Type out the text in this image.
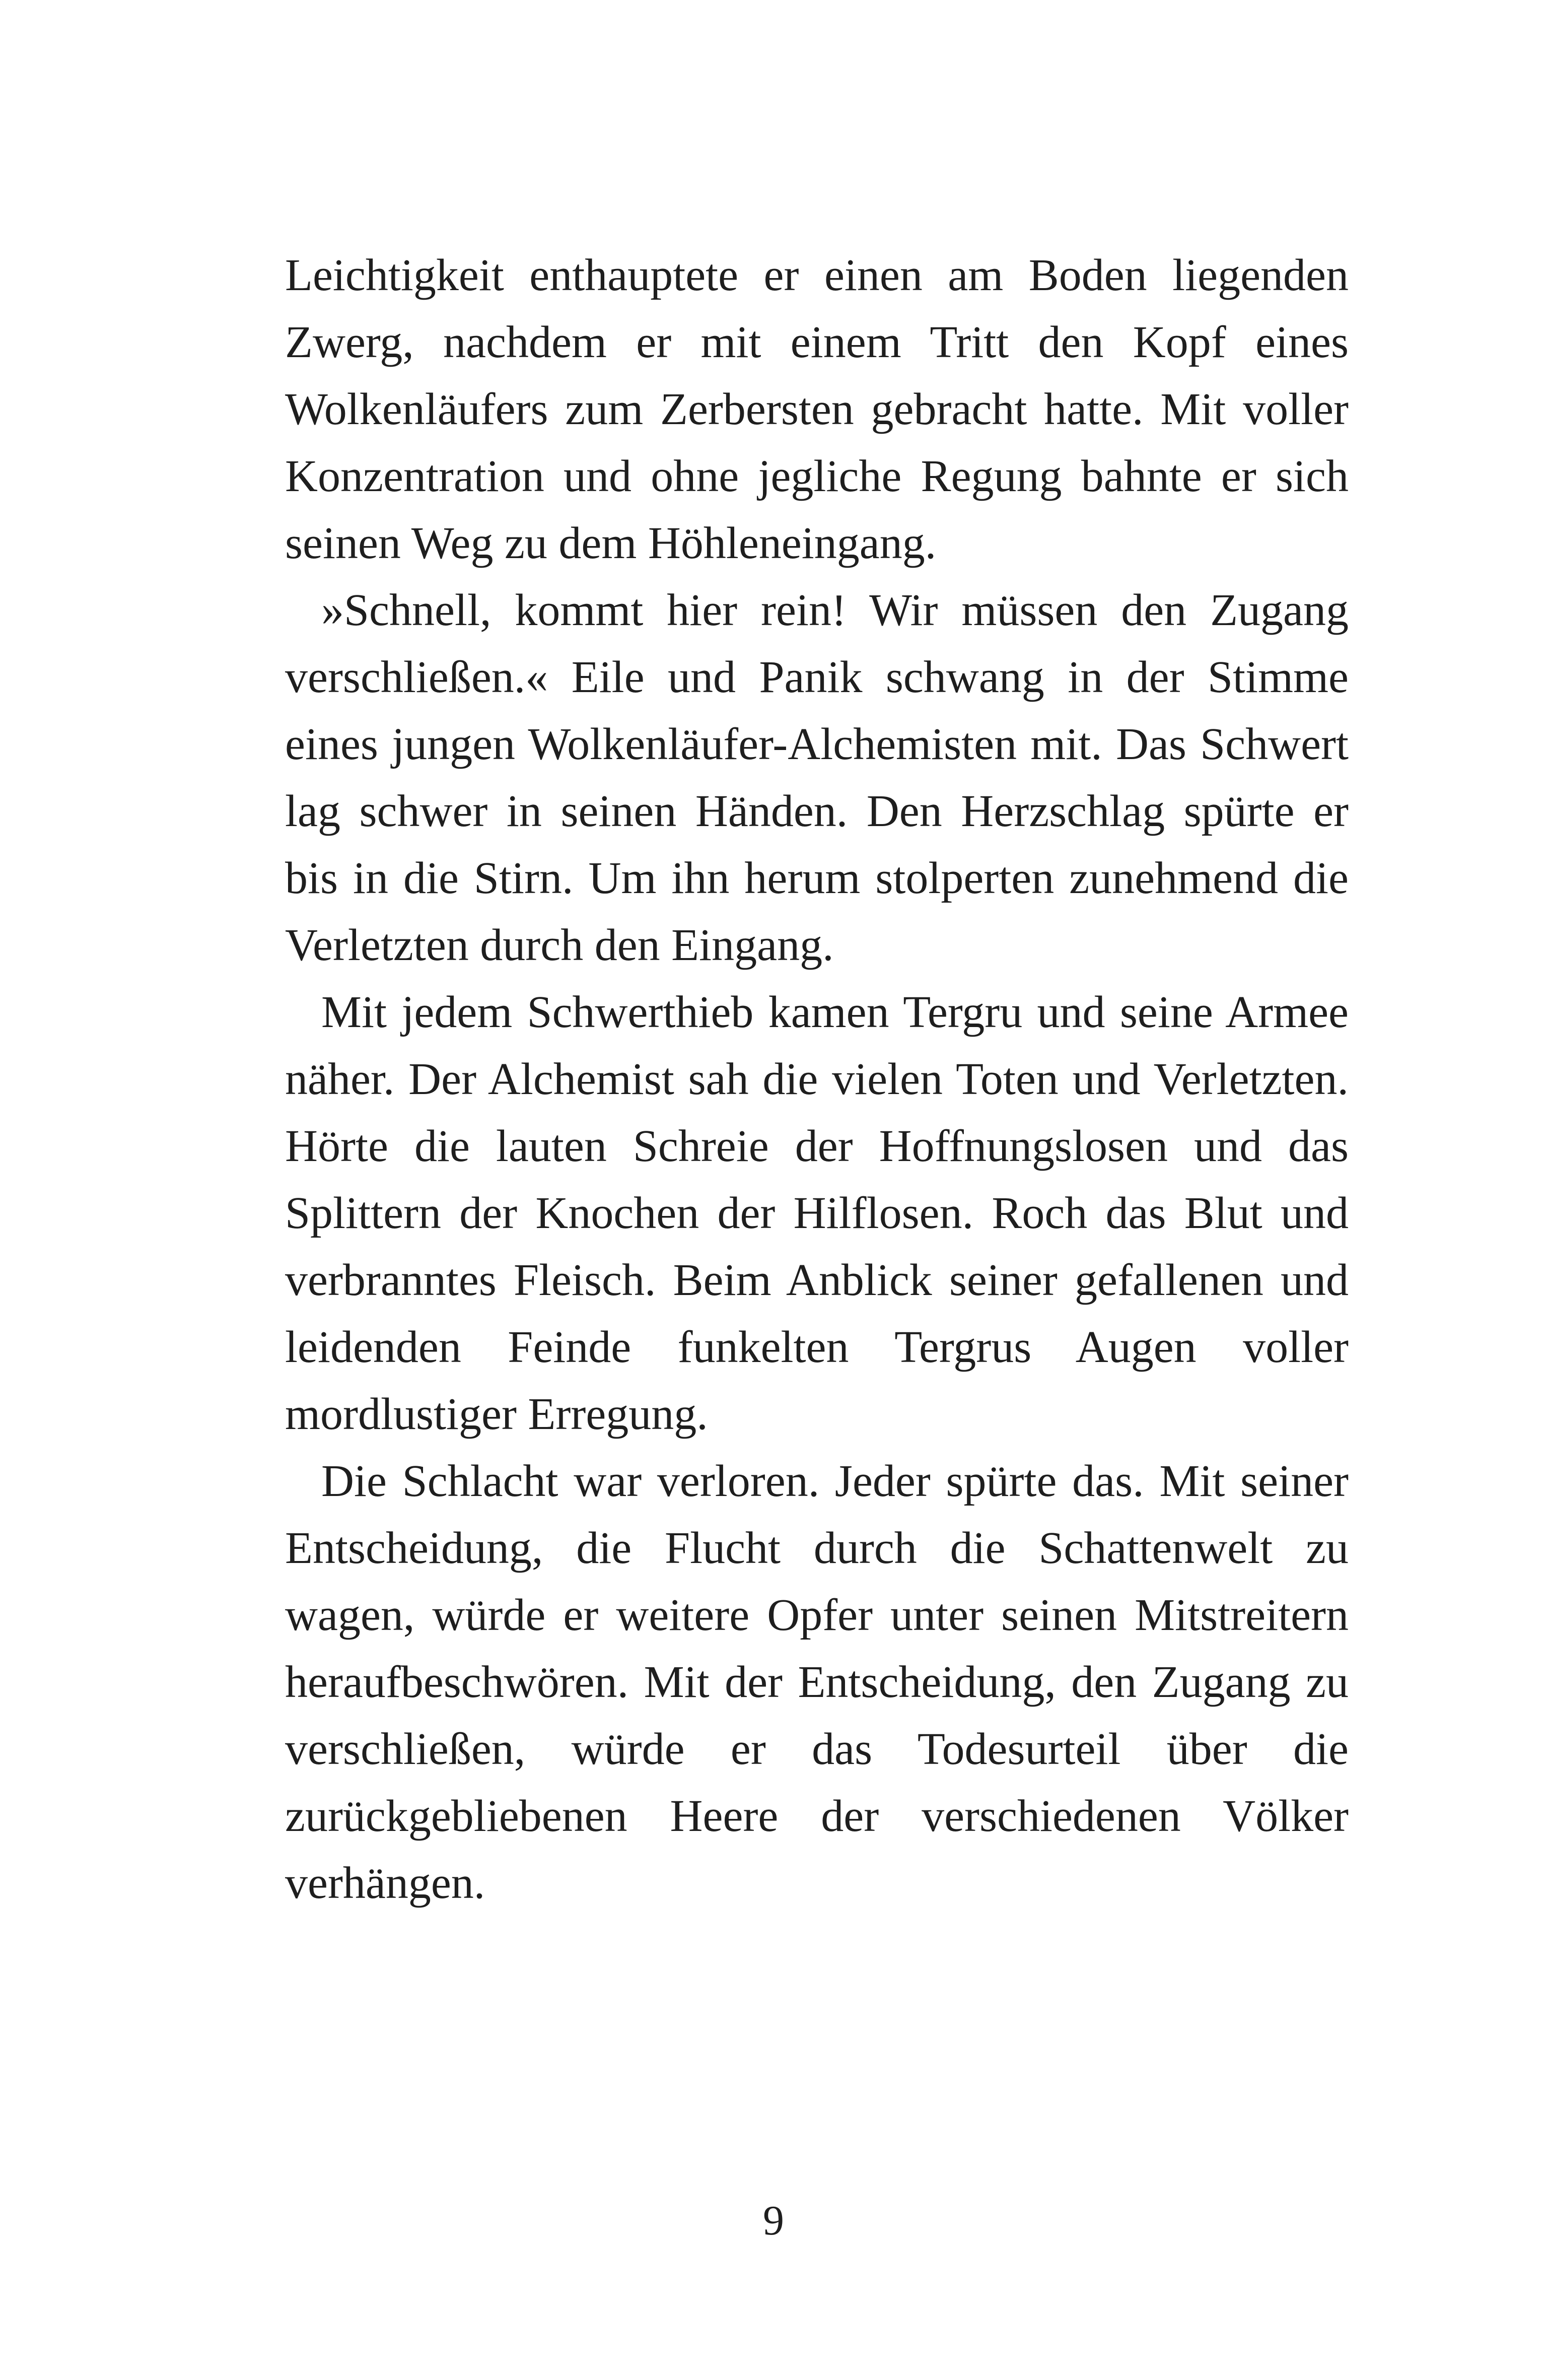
Leichtigkeit enthauptete er einen am Boden liegenden Zwerg, nachdem er mit einem Tritt den Kopf eines Wolkenläufers zum Zerbersten gebracht hatte. Mit voller Konzentration und ohne jegliche Regung bahnte er sich seinen Weg zu dem Höhleneingang.

»Schnell, kommt hier rein! Wir müssen den Zugang verschließen.« Eile und Panik schwang in der Stimme eines jungen Wolkenläufer-Alchemisten mit. Das Schwert lag schwer in seinen Händen. Den Herzschlag spürte er bis in die Stirn. Um ihn herum stolperten zunehmend die Verletzten durch den Eingang.

Mit jedem Schwerthieb kamen Tergru und seine Armee näher. Der Alchemist sah die vielen Toten und Verletzten. Hörte die lauten Schreie der Hoffnungslosen und das Splittern der Knochen der Hilflosen. Roch das Blut und verbranntes Fleisch. Beim Anblick seiner gefallenen und leidenden Feinde funkelten Tergrus Augen voller mordlustiger Erregung.

Die Schlacht war verloren. Jeder spürte das. Mit seiner Entscheidung, die Flucht durch die Schattenwelt zu wagen, würde er weitere Opfer unter seinen Mitstreitern heraufbeschwören. Mit der Entscheidung, den Zugang zu verschließen, würde er das Todesurteil über die zurückgebliebenen Heere der verschiedenen Völker verhängen.

9
